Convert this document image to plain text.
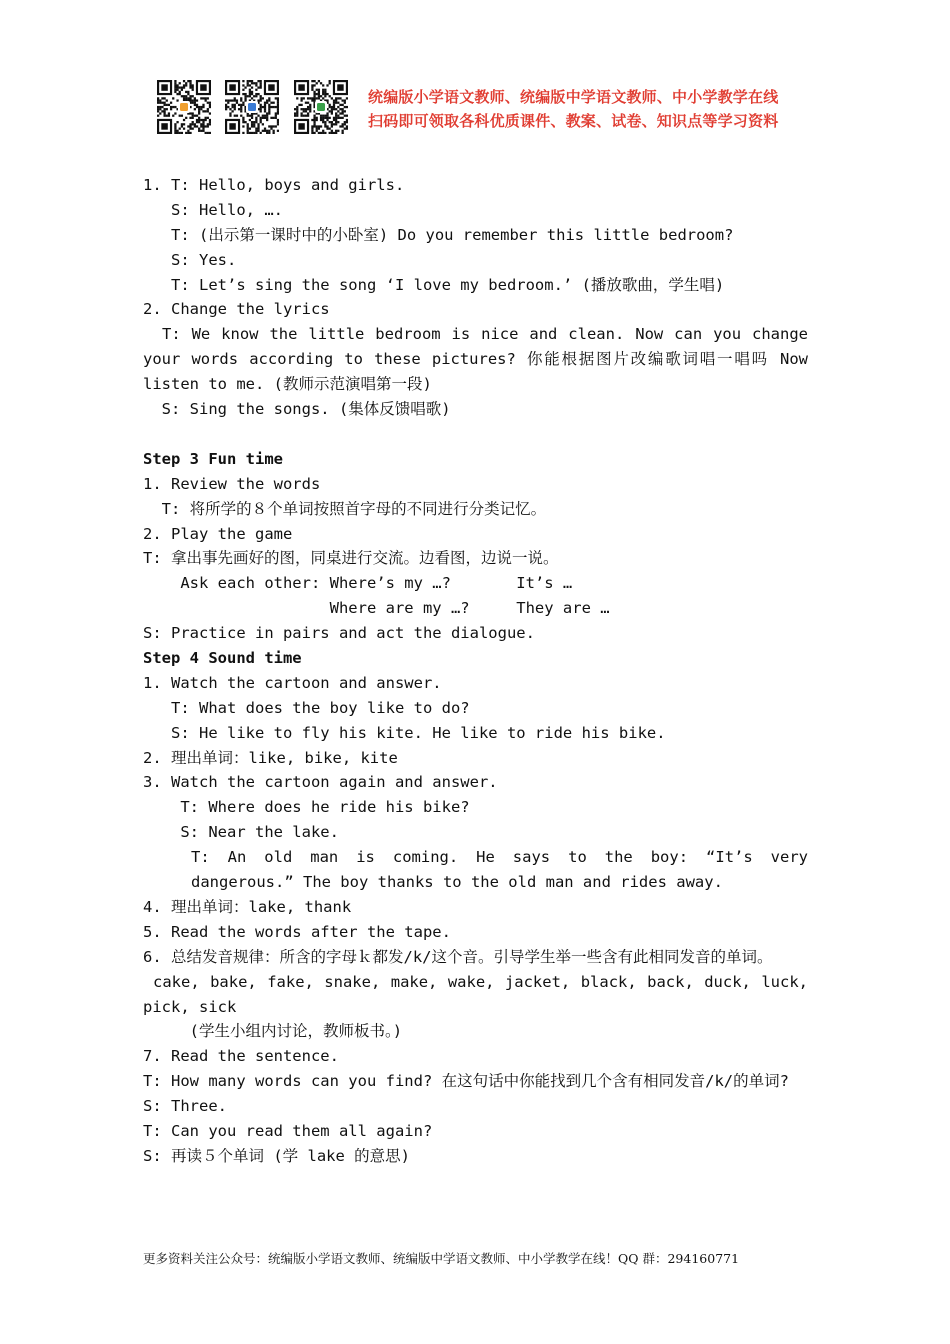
统编版小学语文教师、统编版中学语文教师、中小学教学在线
扫码即可领取各科优质课件、教案、试卷、知识点等学习资料
1. T: Hello, boys and girls.
S: Hello, ….
T: (出示第一课时中的小卧室) Do you remember this little bedroom?
S: Yes.
T: Let’s sing the song ‘I love my bedroom.’ (播放歌曲，学生唱)
2. Change the lyrics
T: We know the little bedroom is nice and clean. Now can you change your words according to these pictures? 你能根据图片改编歌词唱一唱吗 Now listen to me. (教师示范演唱第一段)
S: Sing the songs. (集体反馈唱歌)
Step 3 Fun time
1. Review the words
T: 将所学的８个单词按照首字母的不同进行分类记忆。
2. Play the game
T: 拿出事先画好的图，同桌进行交流。边看图，边说一说。
Ask each other: Where’s my …?       It’s …
Where are my …?     They are …
S: Practice in pairs and act the dialogue.
Step 4 Sound time
1. Watch the cartoon and answer.
T: What does the boy like to do?
S: He like to fly his kite. He like to ride his bike.
2. 理出单词：like, bike, kite
3. Watch the cartoon again and answer.
T: Where does he ride his bike?
S: Near the lake.
T: An old man is coming. He says to the boy: “It’s very dangerous.” The boy thanks to the old man and rides away.
4. 理出单词：lake, thank
5. Read the words after the tape.
6. 总结发音规律：所含的字母ｋ都发/k/这个音。引导学生举一些含有此相同发音的单词。
cake, bake, fake, snake, make, wake, jacket, black, back, duck, luck, pick, sick
(学生小组内讨论，教师板书。)
7. Read the sentence.
T: How many words can you find? 在这句话中你能找到几个含有相同发音/k/的单词?
S: Three.
T: Can you read them all again?
S: 再读５个单词 (学 lake 的意思)
更多资料关注公众号：统编版小学语文教师、统编版中学语文教师、中小学教学在线！QQ 群：294160771
